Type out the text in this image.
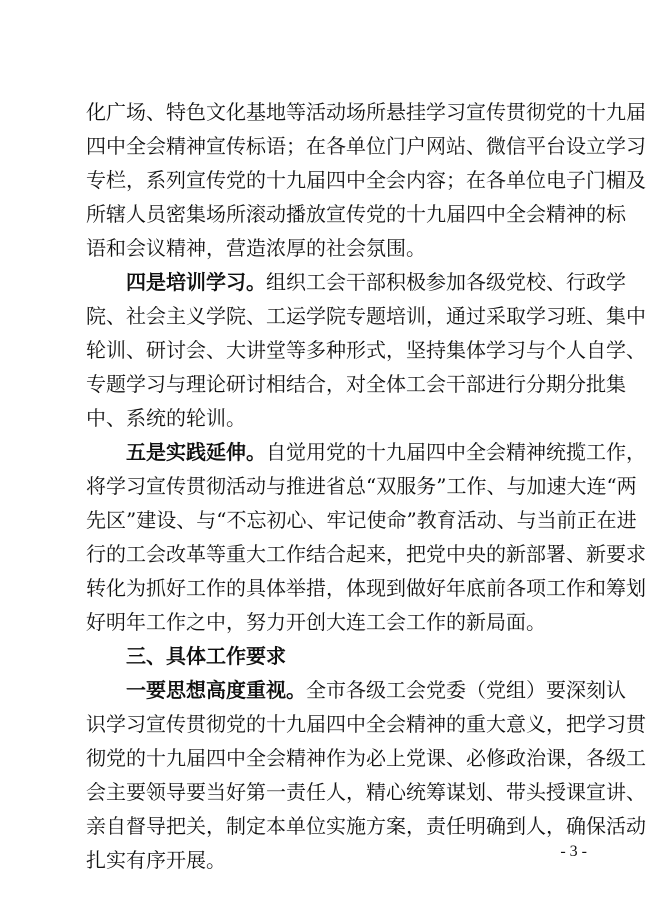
化广场、特色文化基地等活动场所悬挂学习宣传贯彻党的十九届
四中全会精神宣传标语；在各单位门户网站、微信平台设立学习
专栏，系列宣传党的十九届四中全会内容；在各单位电子门楣及
所辖人员密集场所滚动播放宣传党的十九届四中全会精神的标
语和会议精神，营造浓厚的社会氛围。
四是培训学习。组织工会干部积极参加各级党校、行政学
院、社会主义学院、工运学院专题培训，通过采取学习班、集中
轮训、研讨会、大讲堂等多种形式，坚持集体学习与个人自学、
专题学习与理论研讨相结合，对全体工会干部进行分期分批集
中、系统的轮训。
五是实践延伸。自觉用党的十九届四中全会精神统揽工作，
将学习宣传贯彻活动与推进省总“双服务”工作、与加速大连“两
先区”建设、与“不忘初心、牢记使命”教育活动、与当前正在进
行的工会改革等重大工作结合起来，把党中央的新部署、新要求
转化为抓好工作的具体举措，体现到做好年底前各项工作和筹划
好明年工作之中，努力开创大连工会工作的新局面。
三、具体工作要求
一要思想高度重视。全市各级工会党委（党组）要深刻认
识学习宣传贯彻党的十九届四中全会精神的重大意义，把学习贯
彻党的十九届四中全会精神作为必上党课、必修政治课，各级工
会主要领导要当好第一责任人，精心统筹谋划、带头授课宣讲、
亲自督导把关，制定本单位实施方案，责任明确到人，确保活动
扎实有序开展。	- 3 -
